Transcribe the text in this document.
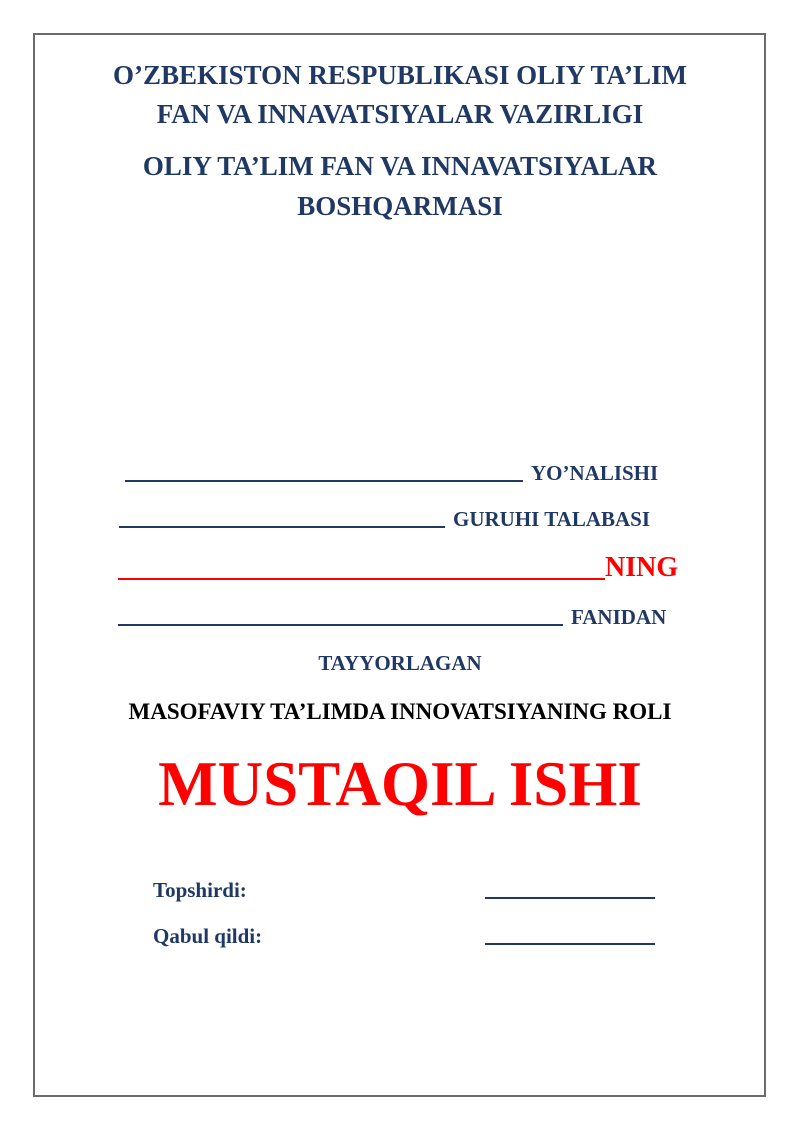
O’ZBEKISTON RESPUBLIKASI OLIY TA’LIM
FAN VA INNAVATSIYALAR VAZIRLIGI
OLIY TA’LIM FAN VA INNAVATSIYALAR
BOSHQARMASI
YO’NALISHI
GURUHI TALABASI
NING
FANIDAN
TAYYORLAGAN
MASOFAVIY TA’LIMDA INNOVATSIYANING ROLI
MUSTAQIL ISHI
Topshirdi:
Qabul qildi:
